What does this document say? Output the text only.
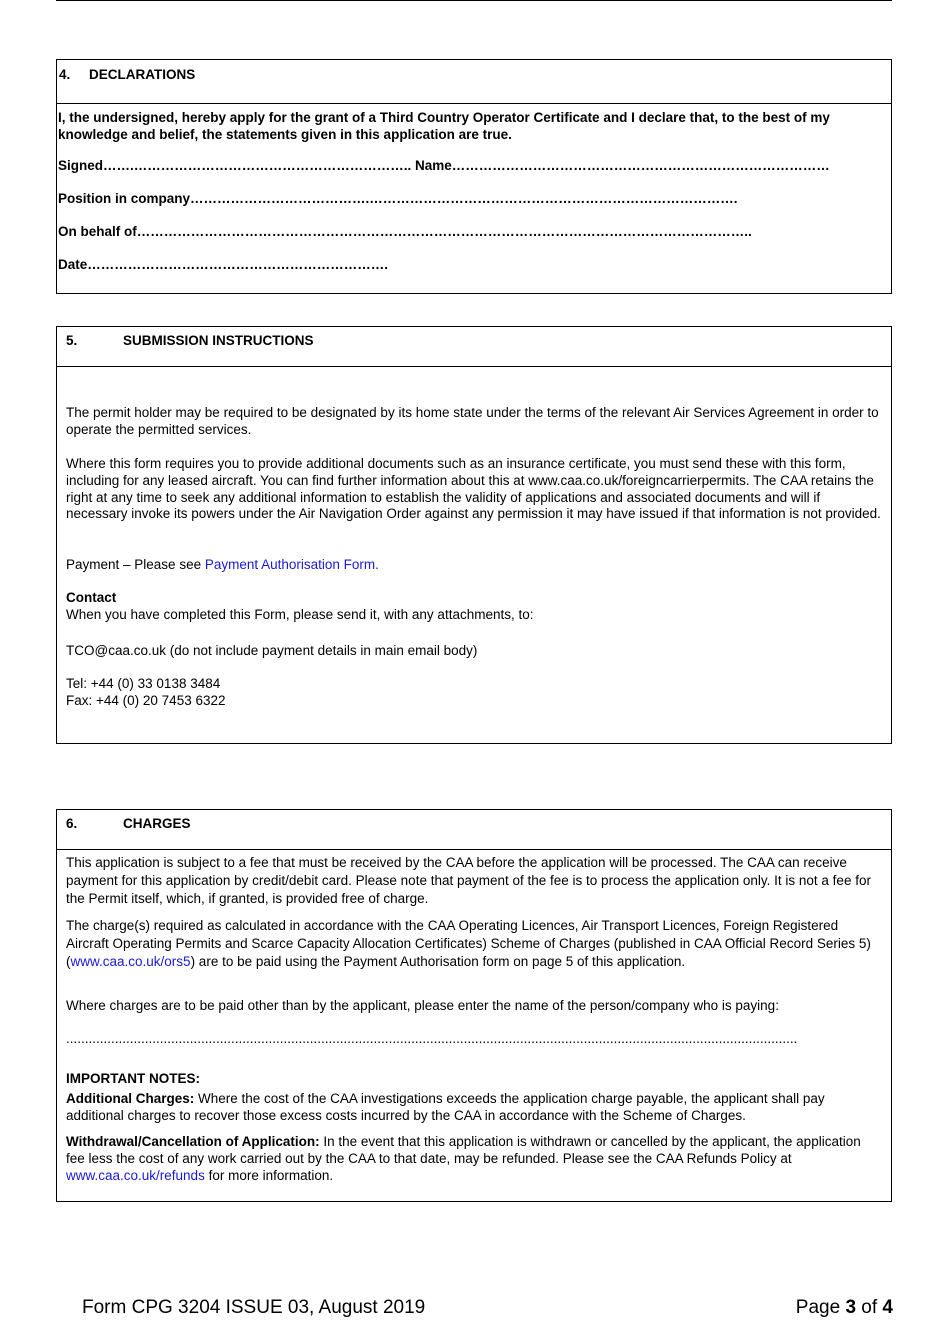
4. DECLARATIONS

I, the undersigned, hereby apply for the grant of a Third Country Operator Certificate and I declare that, to the best of my knowledge and belief, the statements given in this application are true.

Signed…….…………………………………………………….. Name…………………………………………………………………………
Position in company………………………………….……………………………………………………………………….
On behalf of………………………………………………………………………………………………………………………..
Date………………………………………………………….
5.	SUBMISSION INSTRUCTIONS

The permit holder may be required to be designated by its home state under the terms of the relevant Air Services Agreement in order to operate the permitted services.

Where this form requires you to provide additional documents such as an insurance certificate, you must send these with this form, including for any leased aircraft. You can find further information about this at www.caa.co.uk/foreigncarrierpermits. The CAA retains the right at any time to seek any additional information to establish the validity of applications and associated documents and will if necessary invoke its powers under the Air Navigation Order against any permission it may have issued if that information is not provided.

Payment – Please see Payment Authorisation Form.

Contact

When you have completed this Form, please send it, with any attachments, to:

TCO@caa.co.uk (do not include payment details in main email body)

Tel: +44 (0) 33 0138 3484

Fax: +44 (0) 20 7453 6322

6.	CHARGES

This application is subject to a fee that must be received by the CAA before the application will be processed. The CAA can receive payment for this application by credit/debit card. Please note that payment of the fee is to process the application only. It is not a fee for the Permit itself, which, if granted, is provided free of charge.

The charge(s) required as calculated in accordance with the CAA Operating Licences, Air Transport Licences, Foreign Registered Aircraft Operating Permits and Scarce Capacity Allocation Certificates) Scheme of Charges (published in CAA Official Record Series 5) (www.caa.co.uk/ors5) are to be paid using the Payment Authorisation form on page 5 of this application.

Where charges are to be paid other than by the applicant, please enter the name of the person/company who is paying:

...................................................................................................................................................................................................

IMPORTANT NOTES:

Additional Charges: Where the cost of the CAA investigations exceeds the application charge payable, the applicant shall pay additional charges to recover those excess costs incurred by the CAA in accordance with the Scheme of Charges.

Withdrawal/Cancellation of Application: In the event that this application is withdrawn or cancelled by the applicant, the application fee less the cost of any work carried out by the CAA to that date, may be refunded. Please see the CAA Refunds Policy at www.caa.co.uk/refunds for more information.

Form CPG 3204 ISSUE 03, August 2019	Page 3 of 4
